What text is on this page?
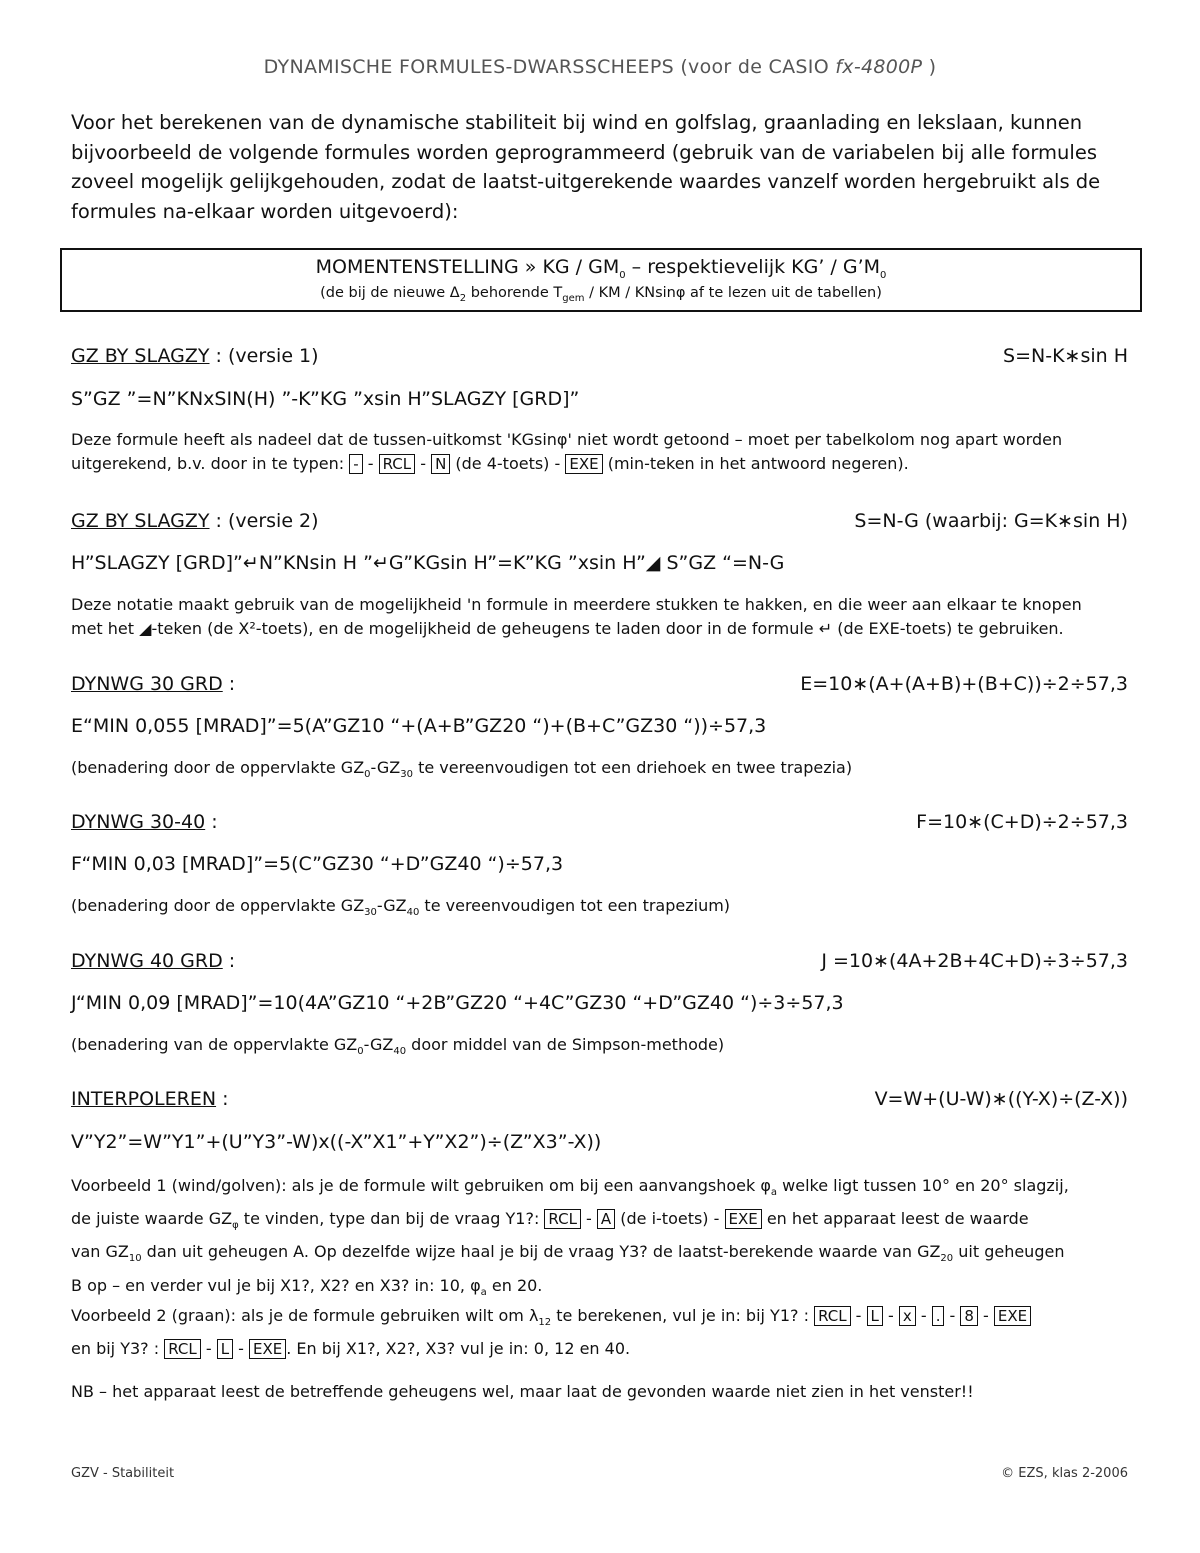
DYNAMISCHE FORMULES-DWARSSCHEEPS (voor de CASIO fx-4800P )
Voor het berekenen van de dynamische stabiliteit bij wind en golfslag, graanlading en lekslaan, kunnen bijvoorbeeld de volgende formules worden geprogrammeerd (gebruik van de variabelen bij alle formules zoveel mogelijk gelijkgehouden, zodat de laatst-uitgerekende waardes vanzelf worden hergebruikt als de formules na-elkaar worden uitgevoerd):
MOMENTENSTELLING » KG / $GM_0$ – respektievelijk KG’ / $G’M_0$
(de bij de nieuwe $\Delta_2$ behorende $T_{gem}$ / KM / KNsinφ af te lezen uit de tabellen)
GZ BY SLAGZY : (versie 1)	S=N-K∗sin H
S”GZ ”=N”KNxSIN(H) ”-K”KG ”xsin H”SLAGZY [GRD]”
Deze formule heeft als nadeel dat de tussen-uitkomst 'KGsinφ' niet wordt getoond – moet per tabelkolom nog apart worden
uitgerekend, b.v. door in te typen: - - RCL - N (de 4-toets) - EXE (min-teken in het antwoord negeren).
GZ BY SLAGZY : (versie 2)	S=N-G (waarbij: G=K∗sin H)
H”SLAGZY [GRD]”↵N”KNsin H ”↵G”KGsin H”=K”KG ”xsin H”◢ S”GZ “=N-G
Deze notatie maakt gebruik van de mogelijkheid 'n formule in meerdere stukken te hakken, en die weer aan elkaar te knopen
met het ◢-teken (de X²-toets), en de mogelijkheid de geheugens te laden door in de formule ↵ (de EXE-toets) te gebruiken.
DYNWG 30 GRD :	E=10∗(A+(A+B)+(B+C))÷2÷57,3
E“MIN 0,055 [MRAD]”=5(A”GZ10 “+(A+B”GZ20 “)+(B+C”GZ30 “))÷57,3
(benadering door de oppervlakte $GZ_0-GZ_{30}$ te vereenvoudigen tot een driehoek en twee trapezia)
DYNWG 30-40 :	F=10∗(C+D)÷2÷57,3
F“MIN 0,03 [MRAD]”=5(C”GZ30 “+D”GZ40 “)÷57,3
(benadering door de oppervlakte $GZ_{30}-GZ_{40}$ te vereenvoudigen tot een trapezium)
DYNWG 40 GRD :	J =10∗(4A+2B+4C+D)÷3÷57,3
J“MIN 0,09 [MRAD]”=10(4A”GZ10 “+2B”GZ20 “+4C”GZ30 “+D”GZ40 “)÷3÷57,3
(benadering van de oppervlakte $GZ_0-GZ_{40}$ door middel van de Simpson-methode)
INTERPOLEREN :	V=W+(U-W)∗((Y-X)÷(Z-X))
V”Y2”=W”Y1”+(U”Y3”-W)x((-X”X1”+Y”X2”)÷(Z”X3”-X))
Voorbeeld 1 (wind/golven): als je de formule wilt gebruiken om bij een aanvangshoek $\varphi_a$ welke ligt tussen 10° en 20° slagzij,
de juiste waarde $GZ_\varphi$ te vinden, type dan bij de vraag Y1?: RCL - A (de i-toets) - EXE en het apparaat leest de waarde
van $GZ_{10}$ dan uit geheugen A. Op dezelfde wijze haal je bij de vraag Y3? de laatst-berekende waarde van $GZ_{20}$ uit geheugen
B op – en verder vul je bij X1?, X2? en X3? in: 10, $\varphi_a$ en 20.
Voorbeeld 2 (graan): als je de formule gebruiken wilt om $\lambda_{12}$ te berekenen, vul je in: bij Y1? : RCL - L - x - . - 8 - EXE
en bij Y3? : RCL - L - EXE . En bij X1?, X2?, X3? vul je in: 0, 12 en 40.
NB – het apparaat leest de betreffende geheugens wel, maar laat de gevonden waarde niet zien in het venster!!
GZV - Stabiliteit	© EZS, klas 2-2006
